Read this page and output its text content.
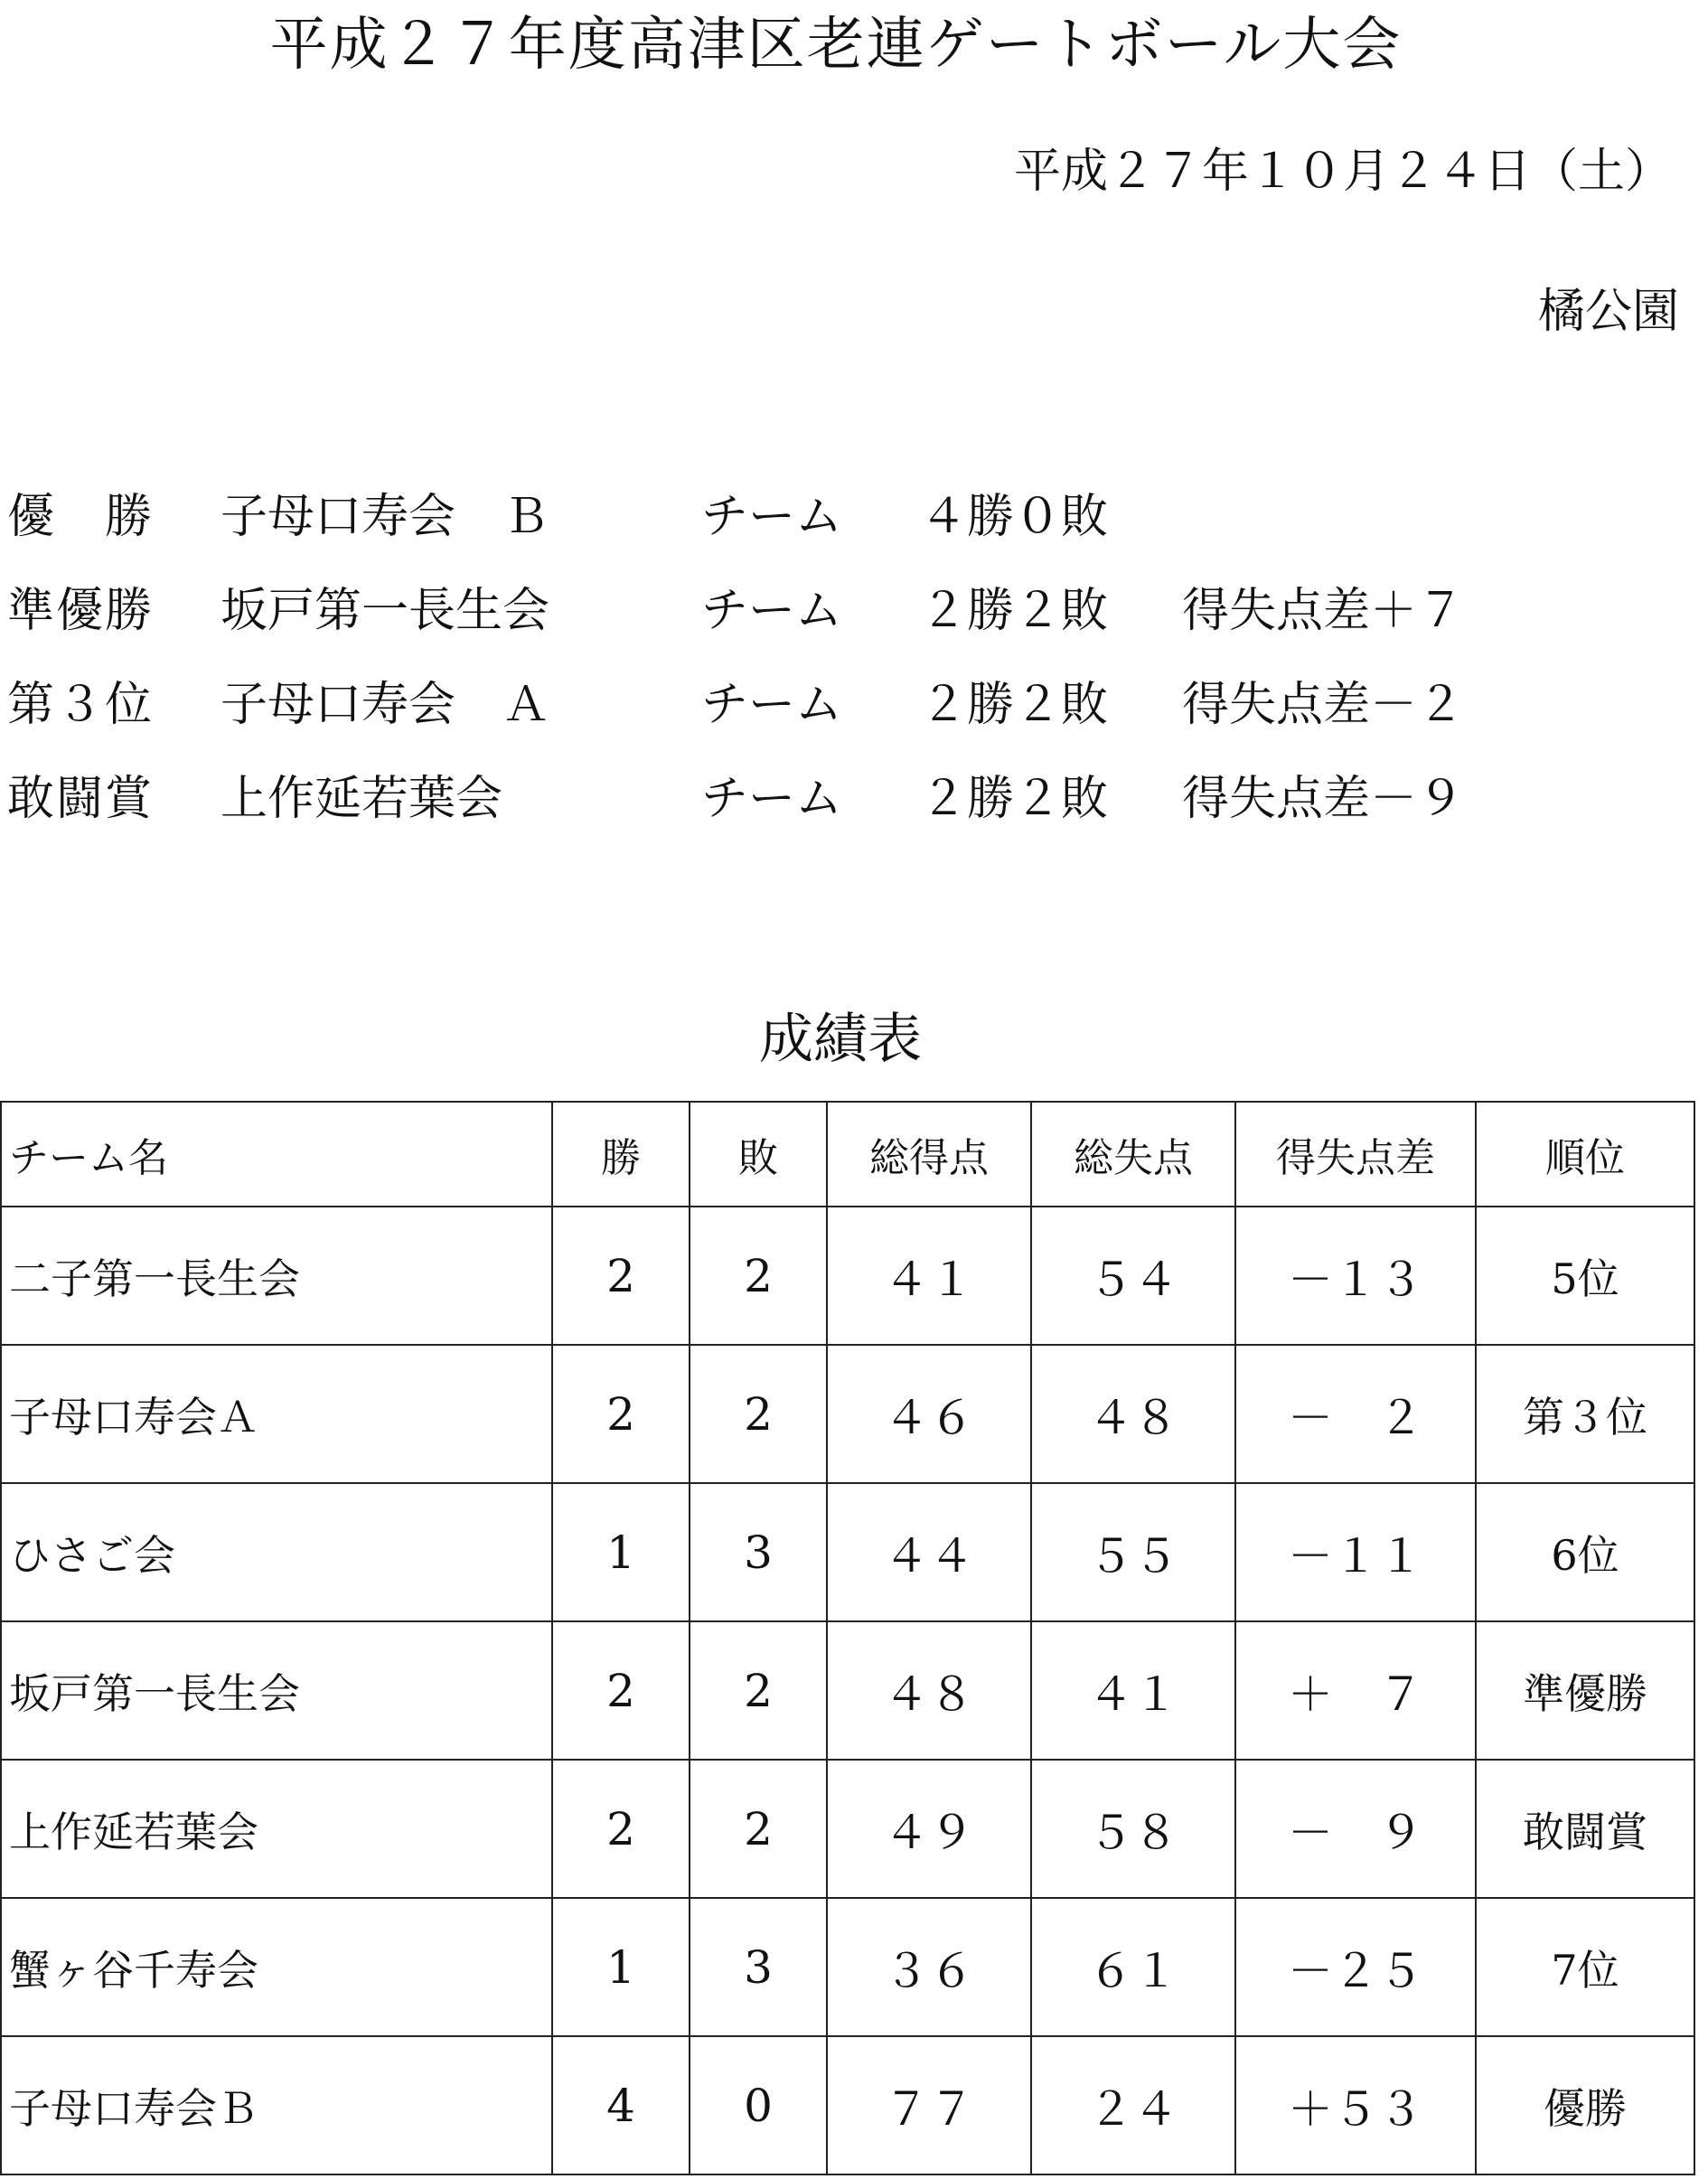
平成２７年度高津区老連ゲートボール大会
平成２７年１０月２４日（土）
橘公園
優　勝 子母口寿会　Ｂ	チーム ４勝０敗
準優勝 坂戸第一長生会	チーム ２勝２敗 得失点差＋７
第３位 子母口寿会　Ａ	チーム ２勝２敗 得失点差－２
敢闘賞 上作延若葉会	チーム ２勝２敗 得失点差－９
成績表
チーム名	勝	敗	総得点	総失点	得失点差	順位
二子第一長生会	2	2	４１	５４	－１３	5位
子母口寿会Ａ	2	2	４６	４８	－　２	第３位
ひさご会	1	3	４４	５５	－１１	6位
坂戸第一長生会	2	2	４８	４１	＋　７	準優勝
上作延若葉会	2	2	４９	５８	－　９	敢闘賞
蟹ヶ谷千寿会	1	3	３６	６１	－２５	7位
子母口寿会Ｂ	4	0	７７	２４	＋５３	優勝
